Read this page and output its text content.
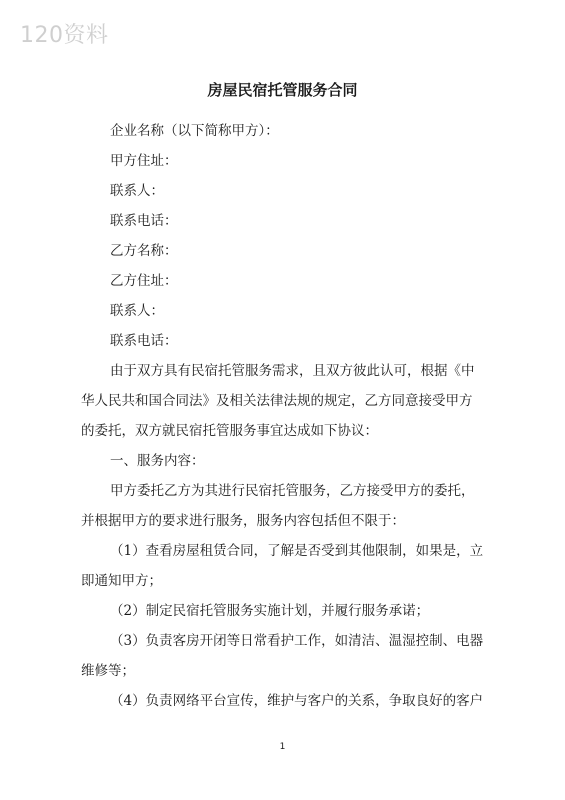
120资料
房屋民宿托管服务合同
企业名称（以下简称甲方）：
甲方住址：
联系人：
联系电话：
乙方名称：
乙方住址：
联系人：
联系电话：
由于双方具有民宿托管服务需求，且双方彼此认可，根据《中
华人民共和国合同法》及相关法律法规的规定，乙方同意接受甲方
的委托，双方就民宿托管服务事宜达成如下协议：
一、服务内容：
甲方委托乙方为其进行民宿托管服务，乙方接受甲方的委托，
并根据甲方的要求进行服务，服务内容包括但不限于：
（1）查看房屋租赁合同，了解是否受到其他限制，如果是，立
即通知甲方；
（2）制定民宿托管服务实施计划，并履行服务承诺；
（3）负责客房开闭等日常看护工作，如清洁、温湿控制、电器
维修等；
（4）负责网络平台宣传，维护与客户的关系，争取良好的客户
1
